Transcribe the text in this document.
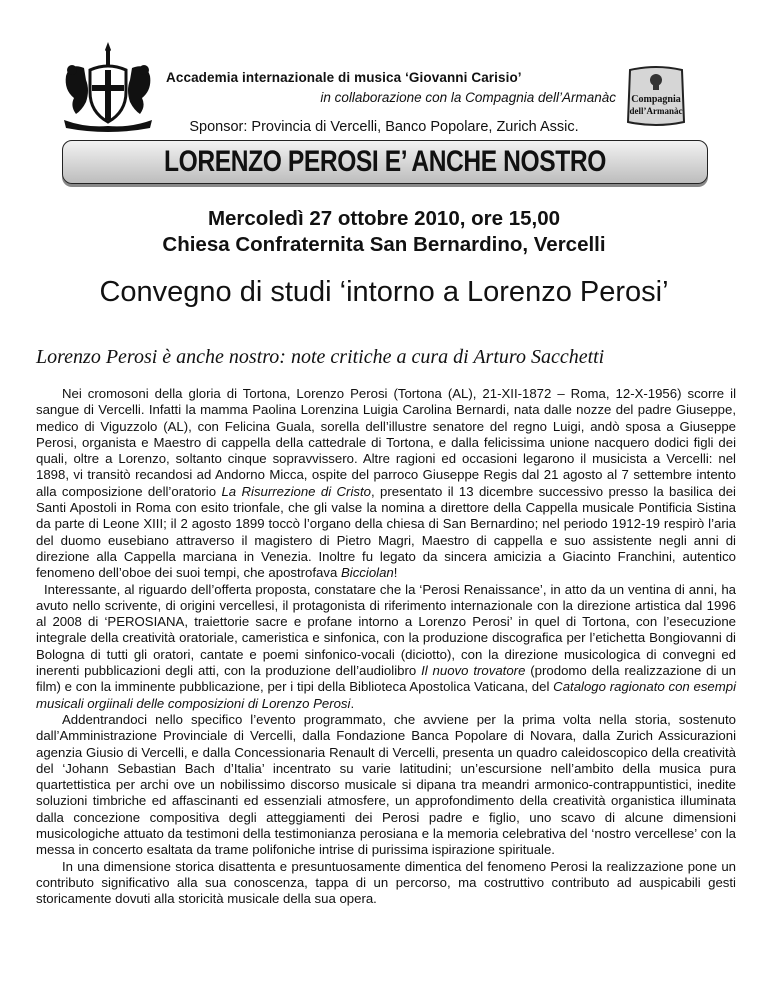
Accademia internazionale di musica ‘Giovanni Carisio’
in collaborazione con la Compagnia dell’Armanàc Compagnia
dell’Armanàc
Sponsor: Provincia di Vercelli, Banco Popolare, Zurich Assic.
LORENZO PEROSI E’ ANCHE NOSTRO
Mercoledì 27 ottobre 2010, ore 15,00
Chiesa Confraternita San Bernardino, Vercelli
Convegno di studi ‘intorno a Lorenzo Perosi’
Lorenzo Perosi è anche nostro: note critiche a cura di Arturo Sacchetti

Nei cromosoni della gloria di Tortona, Lorenzo Perosi (Tortona (AL), 21-XII-1872 – Roma, 12-X-1956) scorre il sangue di Vercelli. Infatti la mamma Paolina Lorenzina Luigia Carolina Bernardi, nata dalle nozze del padre Giuseppe, medico di Viguzzolo (AL), con Felicina Guala, sorella dell’illustre senatore del regno Luigi, andò sposa a Giuseppe Perosi, organista e Maestro di cappella della cattedrale di Tortona, e dalla felicissima unione nacquero dodici figli dei quali, oltre a Lorenzo, soltanto cinque sopravvissero. Altre ragioni ed occasioni legarono il musicista a Vercelli: nel 1898, vi transitò recandosi ad Andorno Micca, ospite del parroco Giuseppe Regis dal 21 agosto al 7 settembre intento alla composizione dell’oratorio La Risurrezione di Cristo, presentato il 13 dicembre successivo presso la basilica dei Santi Apostoli in Roma con esito trionfale, che gli valse la nomina a direttore della Cappella musicale Pontificia Sistina da parte di Leone XIII; il 2 agosto 1899 toccò l’organo della chiesa di San Bernardino; nel periodo 1912-19 respirò l’aria del duomo eusebiano attraverso il magistero di Pietro Magri, Maestro di cappella e suo assistente negli anni di direzione alla Cappella marciana in Venezia. Inoltre fu legato da sincera amicizia a Giacinto Franchini, autentico fenomeno dell’oboe dei suoi tempi, che apostrofava Bicciolan!

Interessante, al riguardo dell’offerta proposta, constatare che la ‘Perosi Renaissance’, in atto da un ventina di anni, ha avuto nello scrivente, di origini vercellesi, il protagonista di riferimento internazionale con la direzione artistica dal 1996 al 2008 di ‘PEROSIANA, traiettorie sacre e profane intorno a Lorenzo Perosi’ in quel di Tortona, con l’esecuzione integrale della creatività oratoriale, cameristica e sinfonica, con la produzione discografica per l’etichetta Bongiovanni di Bologna di tutti gli oratori, cantate e poemi sinfonico-vocali (diciotto), con la direzione musicologica di convegni ed inerenti pubblicazioni degli atti, con la produzione dell’audiolibro Il nuovo trovatore (prodomo della realizzazione di un film) e con la imminente pubblicazione, per i tipi della Biblioteca Apostolica Vaticana, del Catalogo ragionato con esempi musicali orgiinali delle composizioni di Lorenzo Perosi.

Addentrandoci nello specifico l’evento programmato, che avviene per la prima volta nella storia, sostenuto dall’Amministrazione Provinciale di Vercelli, dalla Fondazione Banca Popolare di Novara, dalla Zurich Assicurazioni agenzia Giusio di Vercelli, e dalla Concessionaria Renault di Vercelli, presenta un quadro caleidoscopico della creatività del ‘Johann Sebastian Bach d’Italia’ incentrato su varie latitudini; un’escursione nell’ambito della musica pura quartettistica per archi ove un nobilissimo discorso musicale si dipana tra meandri armonico-contrappuntistici, inedite soluzioni timbriche ed affascinanti ed essenziali atmosfere, un approfondimento della creatività organistica illuminata dalla concezione compositiva degli atteggiamenti dei Perosi padre e figlio, uno scavo di alcune dimensioni musicologiche attuato da testimoni della testimonianza perosiana e la memoria celebrativa del ‘nostro vercellese’ con la messa in concerto esaltata da trame polifoniche intrise di purissima ispirazione spirituale.

In una dimensione storica disattenta e presuntuosamente dimentica del fenomeno Perosi la realizzazione pone un contributo significativo alla sua conoscenza, tappa di un percorso, ma costruttivo contributo ad auspicabili gesti storicamente dovuti alla storicità musicale della sua opera.
